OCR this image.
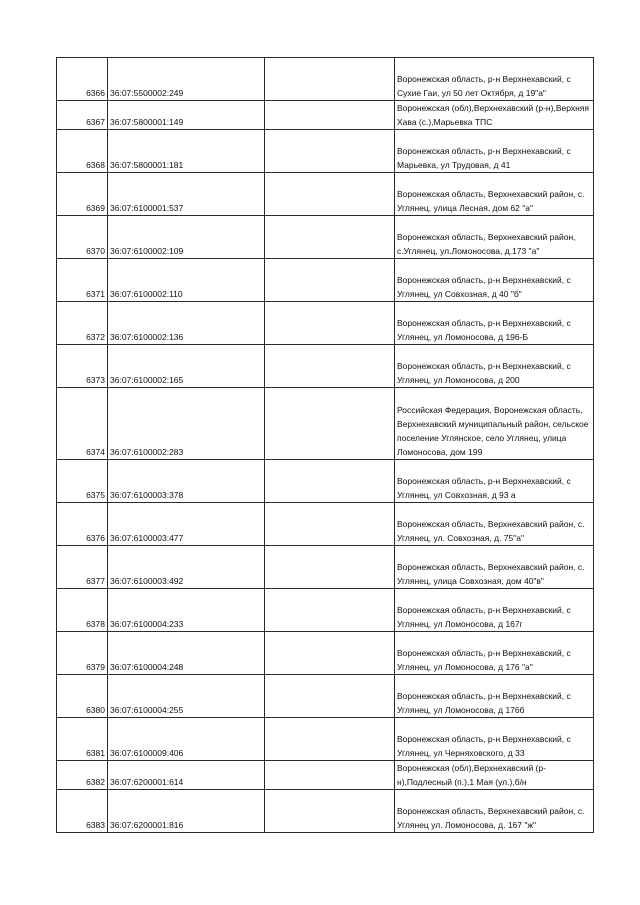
6366	36:07:5500002:249		Воронежская область, р-н Верхнехавский, с Сухие Гаи, ул 50 лет Октября, д 19"а"

6367	36:07:5800001:149		Воронежская (обл),Верхнехавский (р-н),Верхняя Хава (с.),Марьевка ТПС

6368	36:07:5800001:181		Воронежская область, р-н Верхнехавский, с Марьевка, ул Трудовая, д 41

6369	36:07:6100001:537		Воронежская область, Верхнехавский район, с. Углянец, улица Лесная, дом 62 "а"

6370	36:07:6100002:109		Воронежская область, Верхнехавский район, с.Углянец, ул.Ломоносова, д.173 "а"

6371	36:07:6100002:110		Воронежская область, р-н Верхнехавский, с Углянец, ул Совхозная, д 40 "б"

6372	36:07:6100002:136		Воронежская область, р-н Верхнехавский, с Углянец, ул Ломоносова, д 196-Б

6373	36:07:6100002:165		Воронежская область, р-н Верхнехавский, с Углянец, ул Ломоносова, д 200

6374	36:07:6100002:283		Российская Федерация, Воронежская область, Верхнехавский муниципальный район, сельское поселение Углянское, село Углянец, улица Ломоносова, дом 199

6375	36:07:6100003:378		Воронежская область, р-н Верхнехавский, с Углянец, ул Совхозная, д 93 а

6376	36:07:6100003:477		Воронежская область, Верхнехавский район, с. Углянец, ул. Совхозная, д. 75"а"

6377	36:07:6100003:492		Воронежская область, Верхнехавский район, с. Углянец, улица Совхозная, дом 40"в"

6378	36:07:6100004:233		Воронежская область, р-н Верхнехавский, с Углянец, ул Ломоносова, д 167г

6379	36:07:6100004:248		Воронежская область, р-н Верхнехавский, с Углянец, ул Ломоносова, д 176 "а"

6380	36:07:6100004:255		Воронежская область, р-н Верхнехавский, с Углянец, ул Ломоносова, д 176б

6381	36:07:6100009:406		Воронежская область, р-н Верхнехавский, с Углянец, ул Черняховского, д 33

6382	36:07:6200001:614		Воронежская (обл),Верхнехавский (р-н),Подлесный (п.),1 Мая (ул.),б/н

6383	36:07:6200001:816		Воронежская область, Верхнехавский район, с. Углянец ул. Ломоносова, д. 167 "ж"
